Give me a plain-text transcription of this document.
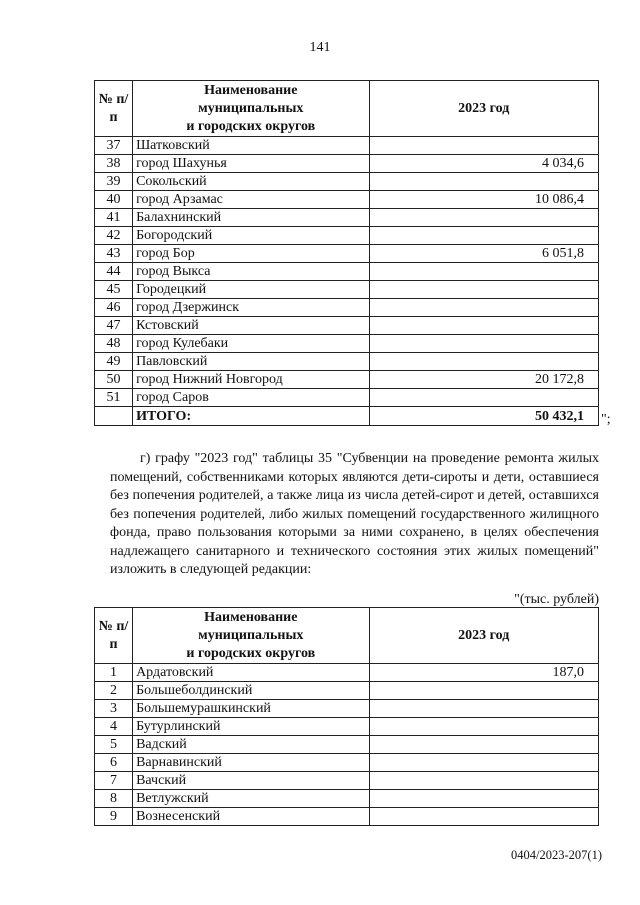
141
№ п/п	Наименование
муниципальных
и городских округов	2023 год
37	Шатковский	
38	город Шахунья	4 034,6
39	Сокольский	
40	город Арзамас	10 086,4
41	Балахнинский	
42	Богородский	
43	город Бор	6 051,8
44	город Выкса	
45	Городецкий	
46	город Дзержинск	
47	Кстовский	
48	город Кулебаки	
49	Павловский	
50	город Нижний Новгород	20 172,8
51	город Саров	
	ИТОГО:	50 432,1 ";

г) графу "2023 год" таблицы 35 "Субвенции на проведение ремонта жилых помещений, собственниками которых являются дети-сироты и дети, оставшиеся без попечения родителей, а также лица из числа детей-сирот и детей, оставшихся без попечения родителей, либо жилых помещений государственного жилищного фонда, право пользования которыми за ними сохранено, в целях обеспечения надлежащего санитарного и технического состояния этих жилых помещений" изложить в следующей редакции:

"(тыс. рублей)
№ п/п	Наименование
муниципальных
и городских округов	2023 год
1	Ардатовский	187,0
2	Большеболдинский	
3	Большемурашкинский	
4	Бутурлинский	
5	Вадский	
6	Варнавинский	
7	Вачский	
8	Ветлужский	
9	Вознесенский	
0404/2023-207(1)
